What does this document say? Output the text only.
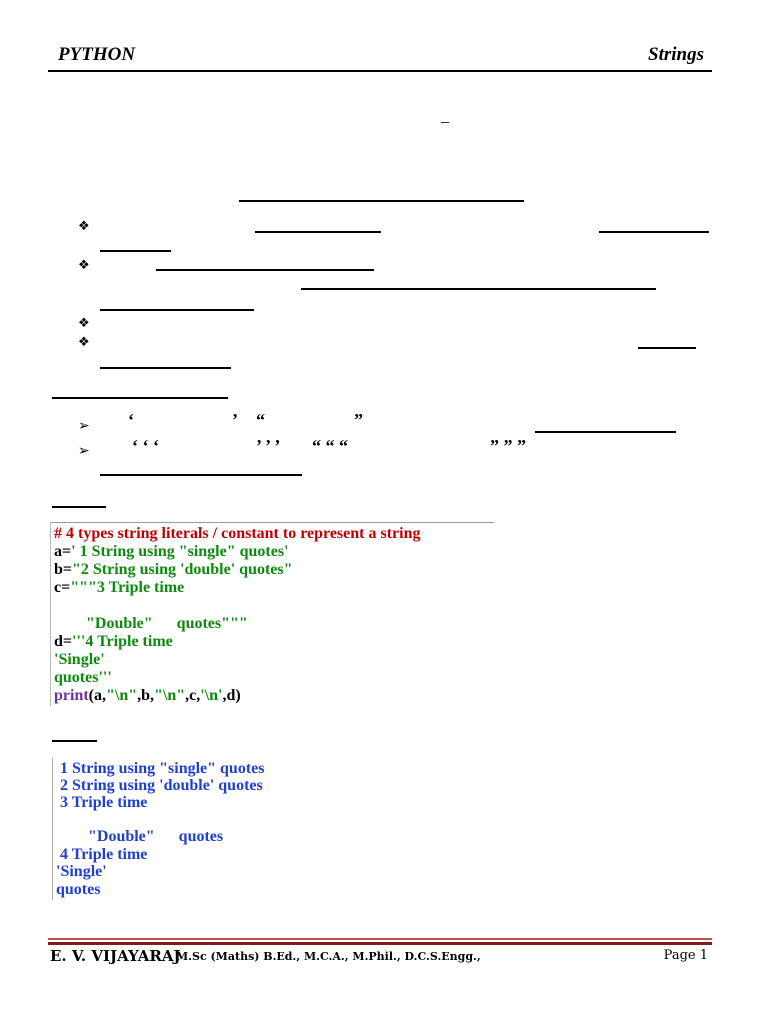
PYTHON	Strings
_
❖
❖
❖
❖
➢ ‘	’ “	”
➢ ‘ ‘ ‘	’ ’ ’ “ “ “	” ” ”
# 4 types string literals / constant to represent a string
a=' 1 String using "single" quotes'
b="2 String using 'double' quotes"
c="""3 Triple time
"Double"      quotes"""
d='''4 Triple time
'Single'
quotes'''
print(a,"\n",b,"\n",c,'\n',d)
1 String using "single" quotes
2 String using 'double' quotes
3 Triple time
"Double"      quotes
4 Triple time
'Single'
quotes
E. V. VIJAYARAJ
M.Sc (Maths) B.Ed., M.C.A., M.Phil., D.C.S.Engg.,	Page 1
